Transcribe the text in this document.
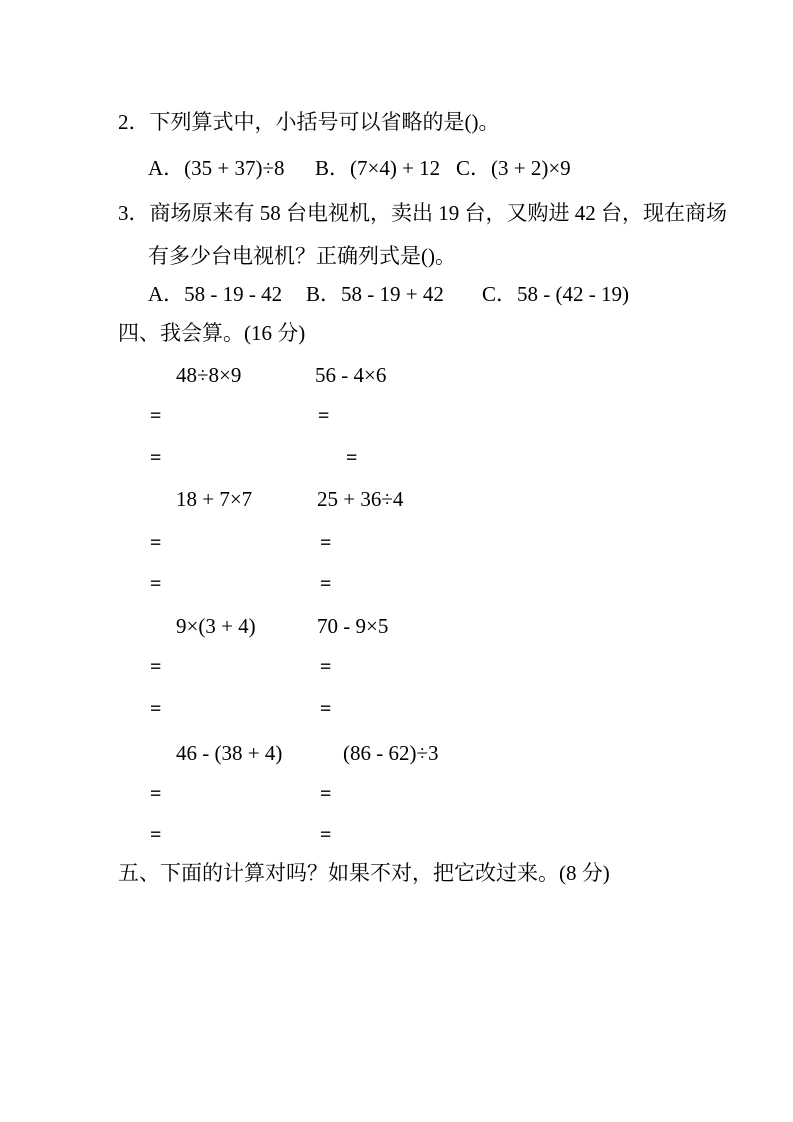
2．下列算式中，小括号可以省略的是()。
A．(35 + 37)÷8 B．(7×4) + 12 C．(3 + 2)×9
3．商场原来有 58 台电视机，卖出 19 台，又购进 42 台，现在商场
有多少台电视机？正确列式是()。
A．58 - 19 - 42 B．58 - 19 + 42 C．58 - (42 - 19)
四、我会算。(16 分)
48÷8×9	56 - 4×6
=	=
=	=
18 + 7×7	25 + 36÷4
=	=
=	=
9×(3 + 4)	70 - 9×5
=	=
=	=
46 - (38 + 4)	(86 - 62)÷3
=	=
=	=
五、下面的计算对吗？如果不对，把它改过来。(8 分)
